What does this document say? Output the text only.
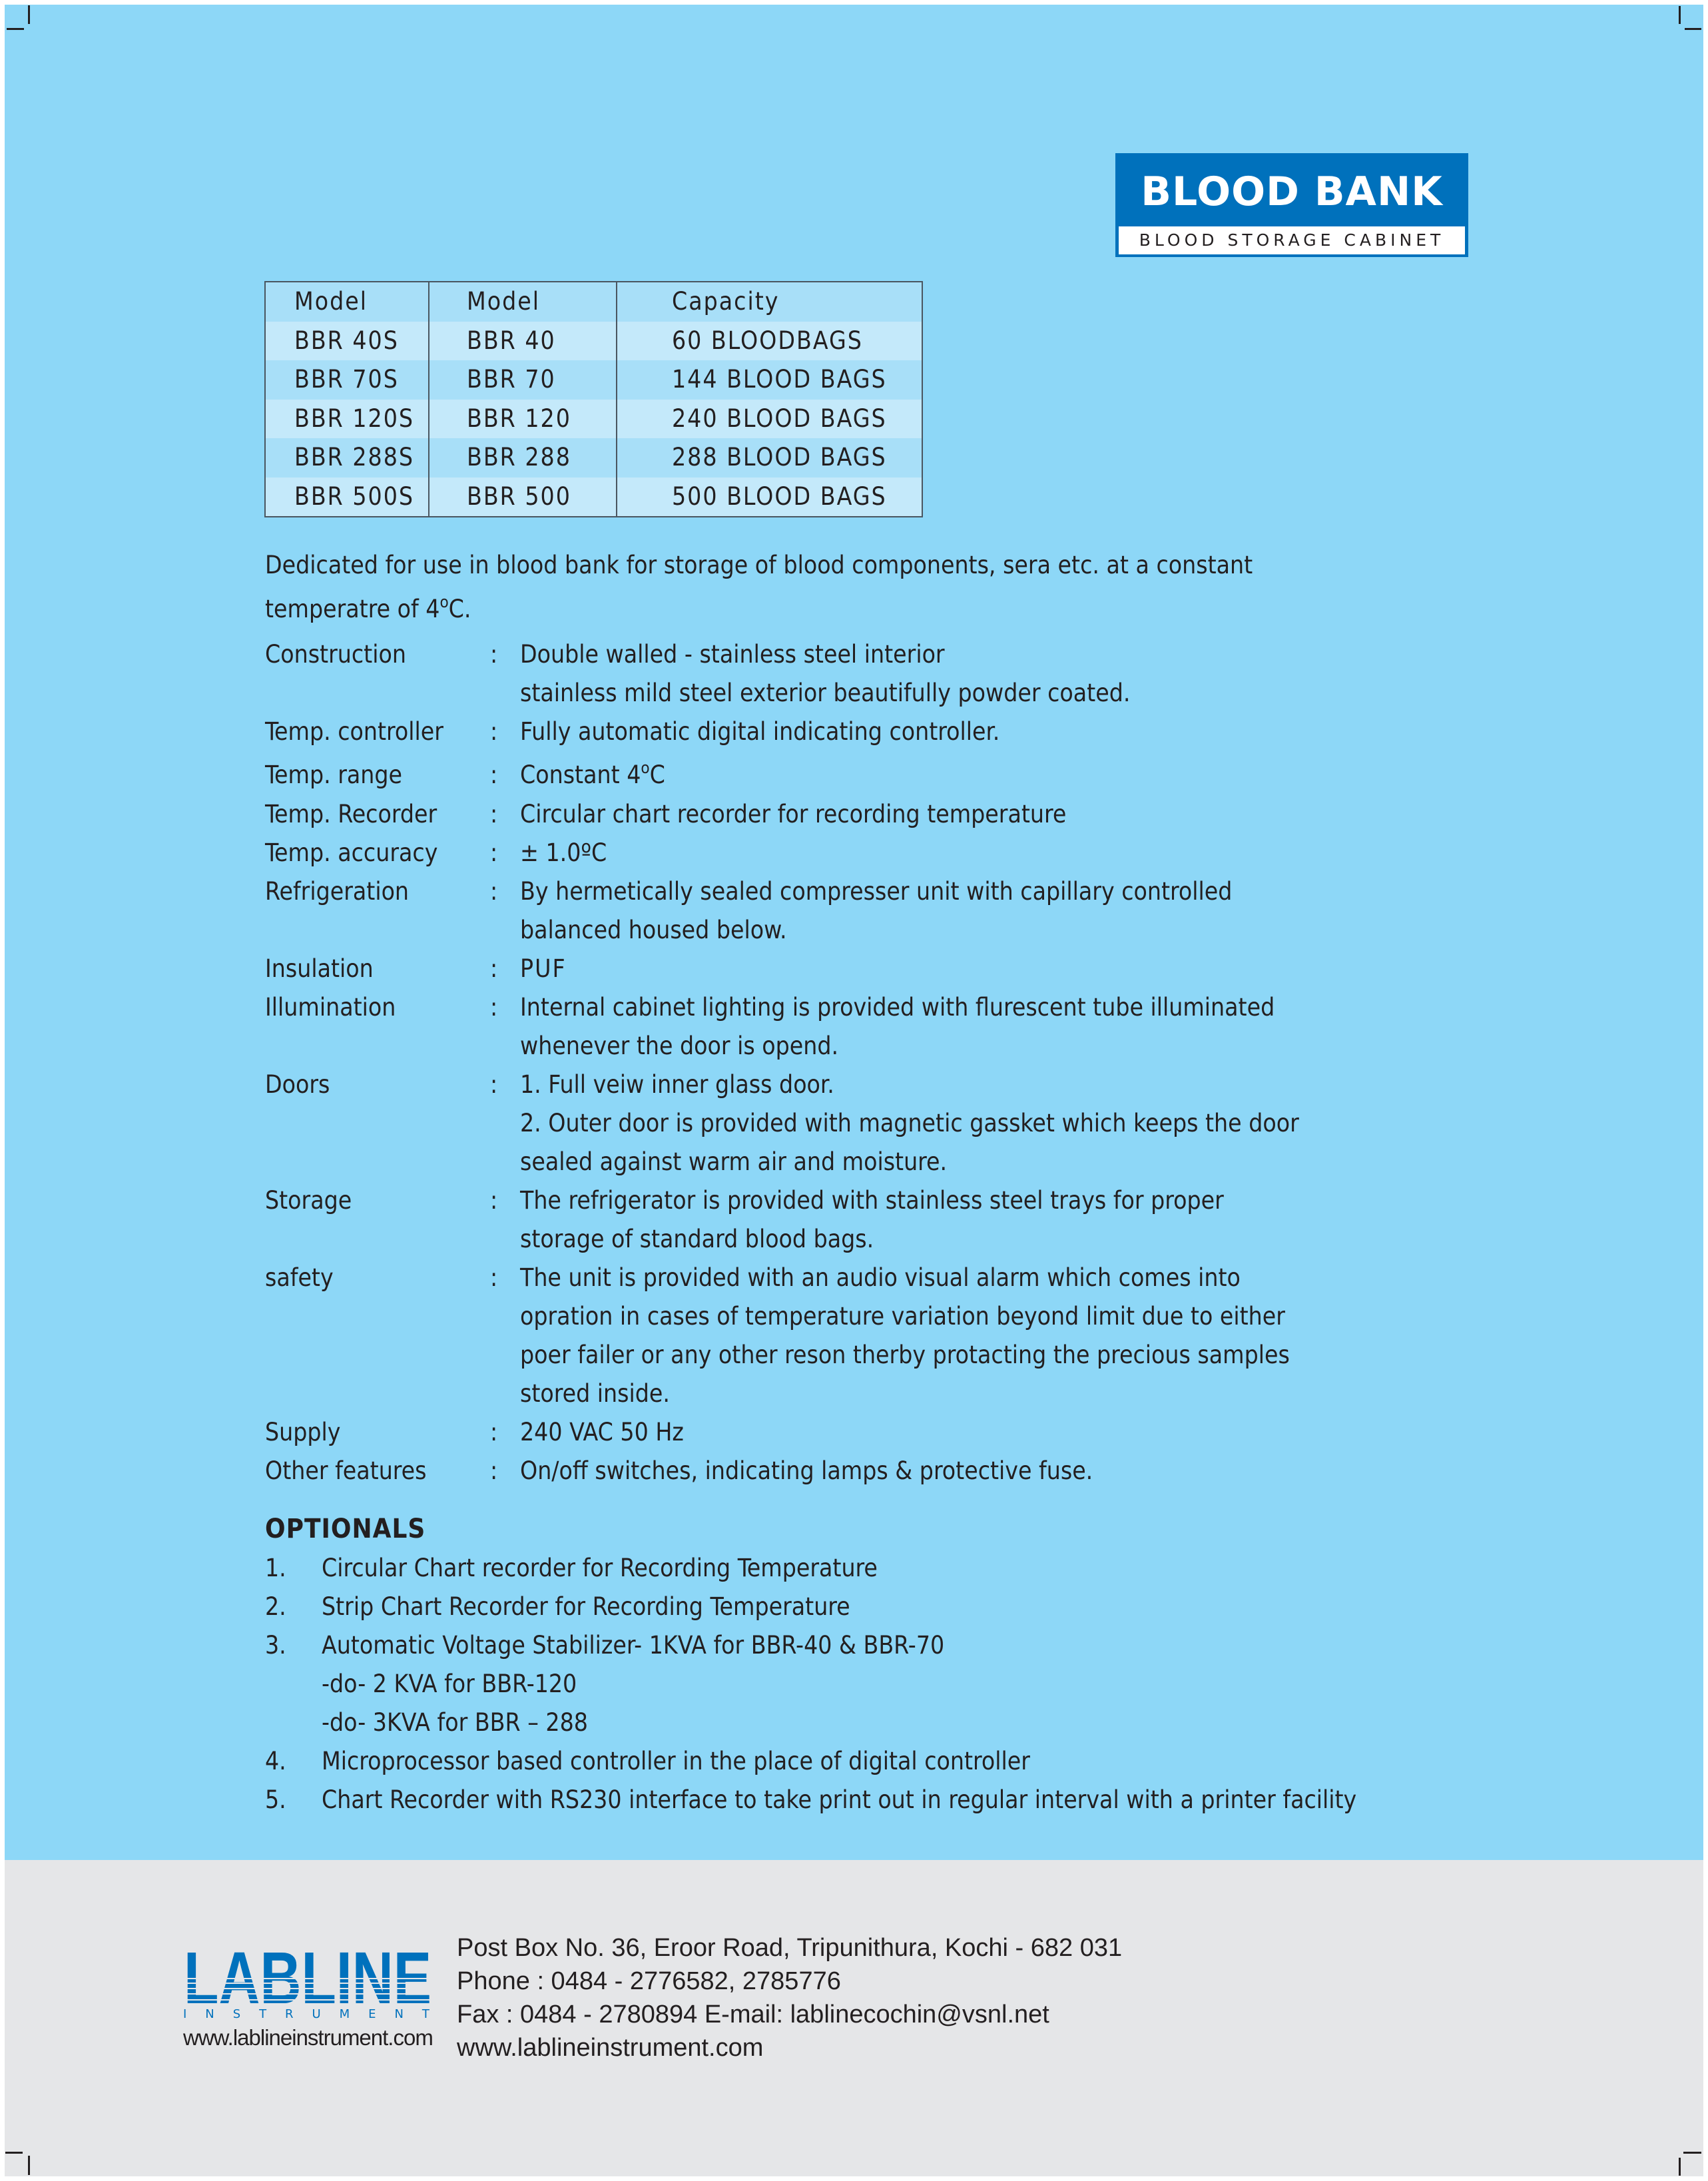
BLOOD BANK
BLOOD STORAGE CABINET
Model	Model	Capacity
BBR 40S	BBR 40	60 BLOODBAGS
BBR 70S	BBR 70	144 BLOOD BAGS
BBR 120S	BBR 120	240 BLOOD BAGS
BBR 288S	BBR 288	288 BLOOD BAGS
BBR 500S	BBR 500	500 BLOOD BAGS
Dedicated for use in blood bank for storage of blood components, sera etc. at a constant
temperatre of 4$^o$C.
Construction	: Double walled - stainless steel interior
stainless mild steel exterior beautifully powder coated.
Temp. controller : Fully automatic digital indicating controller.
Temp. range	: Constant 4$^o$C
Temp. Recorder : Circular chart recorder for recording temperature
Temp. accuracy : ± 1.0ºC
Refrigeration	: By hermetically sealed compresser unit with capillary controlled
balanced housed below.
Insulation	: PUF
Illumination	: Internal cabinet lighting is provided with flurescent tube illuminated
whenever the door is opend.
Doors	: 1. Full veiw inner glass door.
2. Outer door is provided with magnetic gassket which keeps the door
sealed against warm air and moisture.
Storage	: The refrigerator is provided with stainless steel trays for proper
storage of standard blood bags.
safety	: The unit is provided with an audio visual alarm which comes into
opration in cases of temperature variation beyond limit due to either
poer failer or any other reson therby protacting the precious samples
stored inside.
Supply	: 240 VAC 50 Hz
Other features	: On/off switches, indicating lamps & protective fuse.
OPTIONALS
1. Circular Chart recorder for Recording Temperature
2. Strip Chart Recorder for Recording Temperature
3. Automatic Voltage Stabilizer- 1KVA for BBR-40 & BBR-70
-do- 2 KVA for BBR-120
-do- 3KVA for BBR – 288
4. Microprocessor based controller in the place of digital controller
5. Chart Recorder with RS230 interface to take print out in regular interval with a printer facility
LABLINE
I N S T R U M E N T
www.lablineinstrument.com
Post Box No. 36, Eroor Road, Tripunithura, Kochi - 682 031
Phone : 0484 - 2776582, 2785776
Fax : 0484 - 2780894 E-mail: lablinecochin@vsnl.net
www.lablineinstrument.com
